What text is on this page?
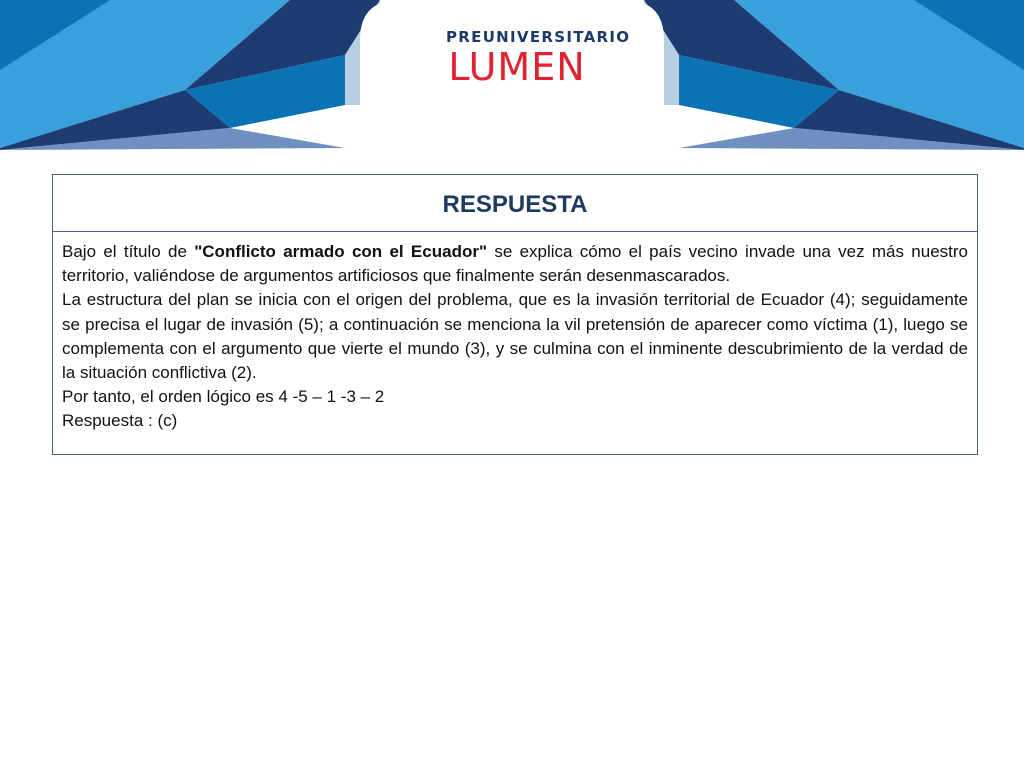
PREUNIVERSITARIO
LUMEN
RESPUESTA

Bajo el título de "Conflicto armado con el Ecuador" se explica cómo el país vecino invade una vez más nuestro territorio, valiéndose de argumentos artificiosos que finalmente serán desenmascarados.

La estructura del plan se inicia con el origen del problema, que es la invasión territorial de Ecuador (4); seguidamente se precisa el lugar de invasión (5); a continuación se menciona la vil pretensión de aparecer como víctima (1), luego se complementa con el argumento que vierte el mundo (3), y se culmina con el inminente descubrimiento de la verdad de la situación conflictiva (2).

Por tanto, el orden lógico es 4 -5 – 1 -3 – 2

Respuesta : (c)
